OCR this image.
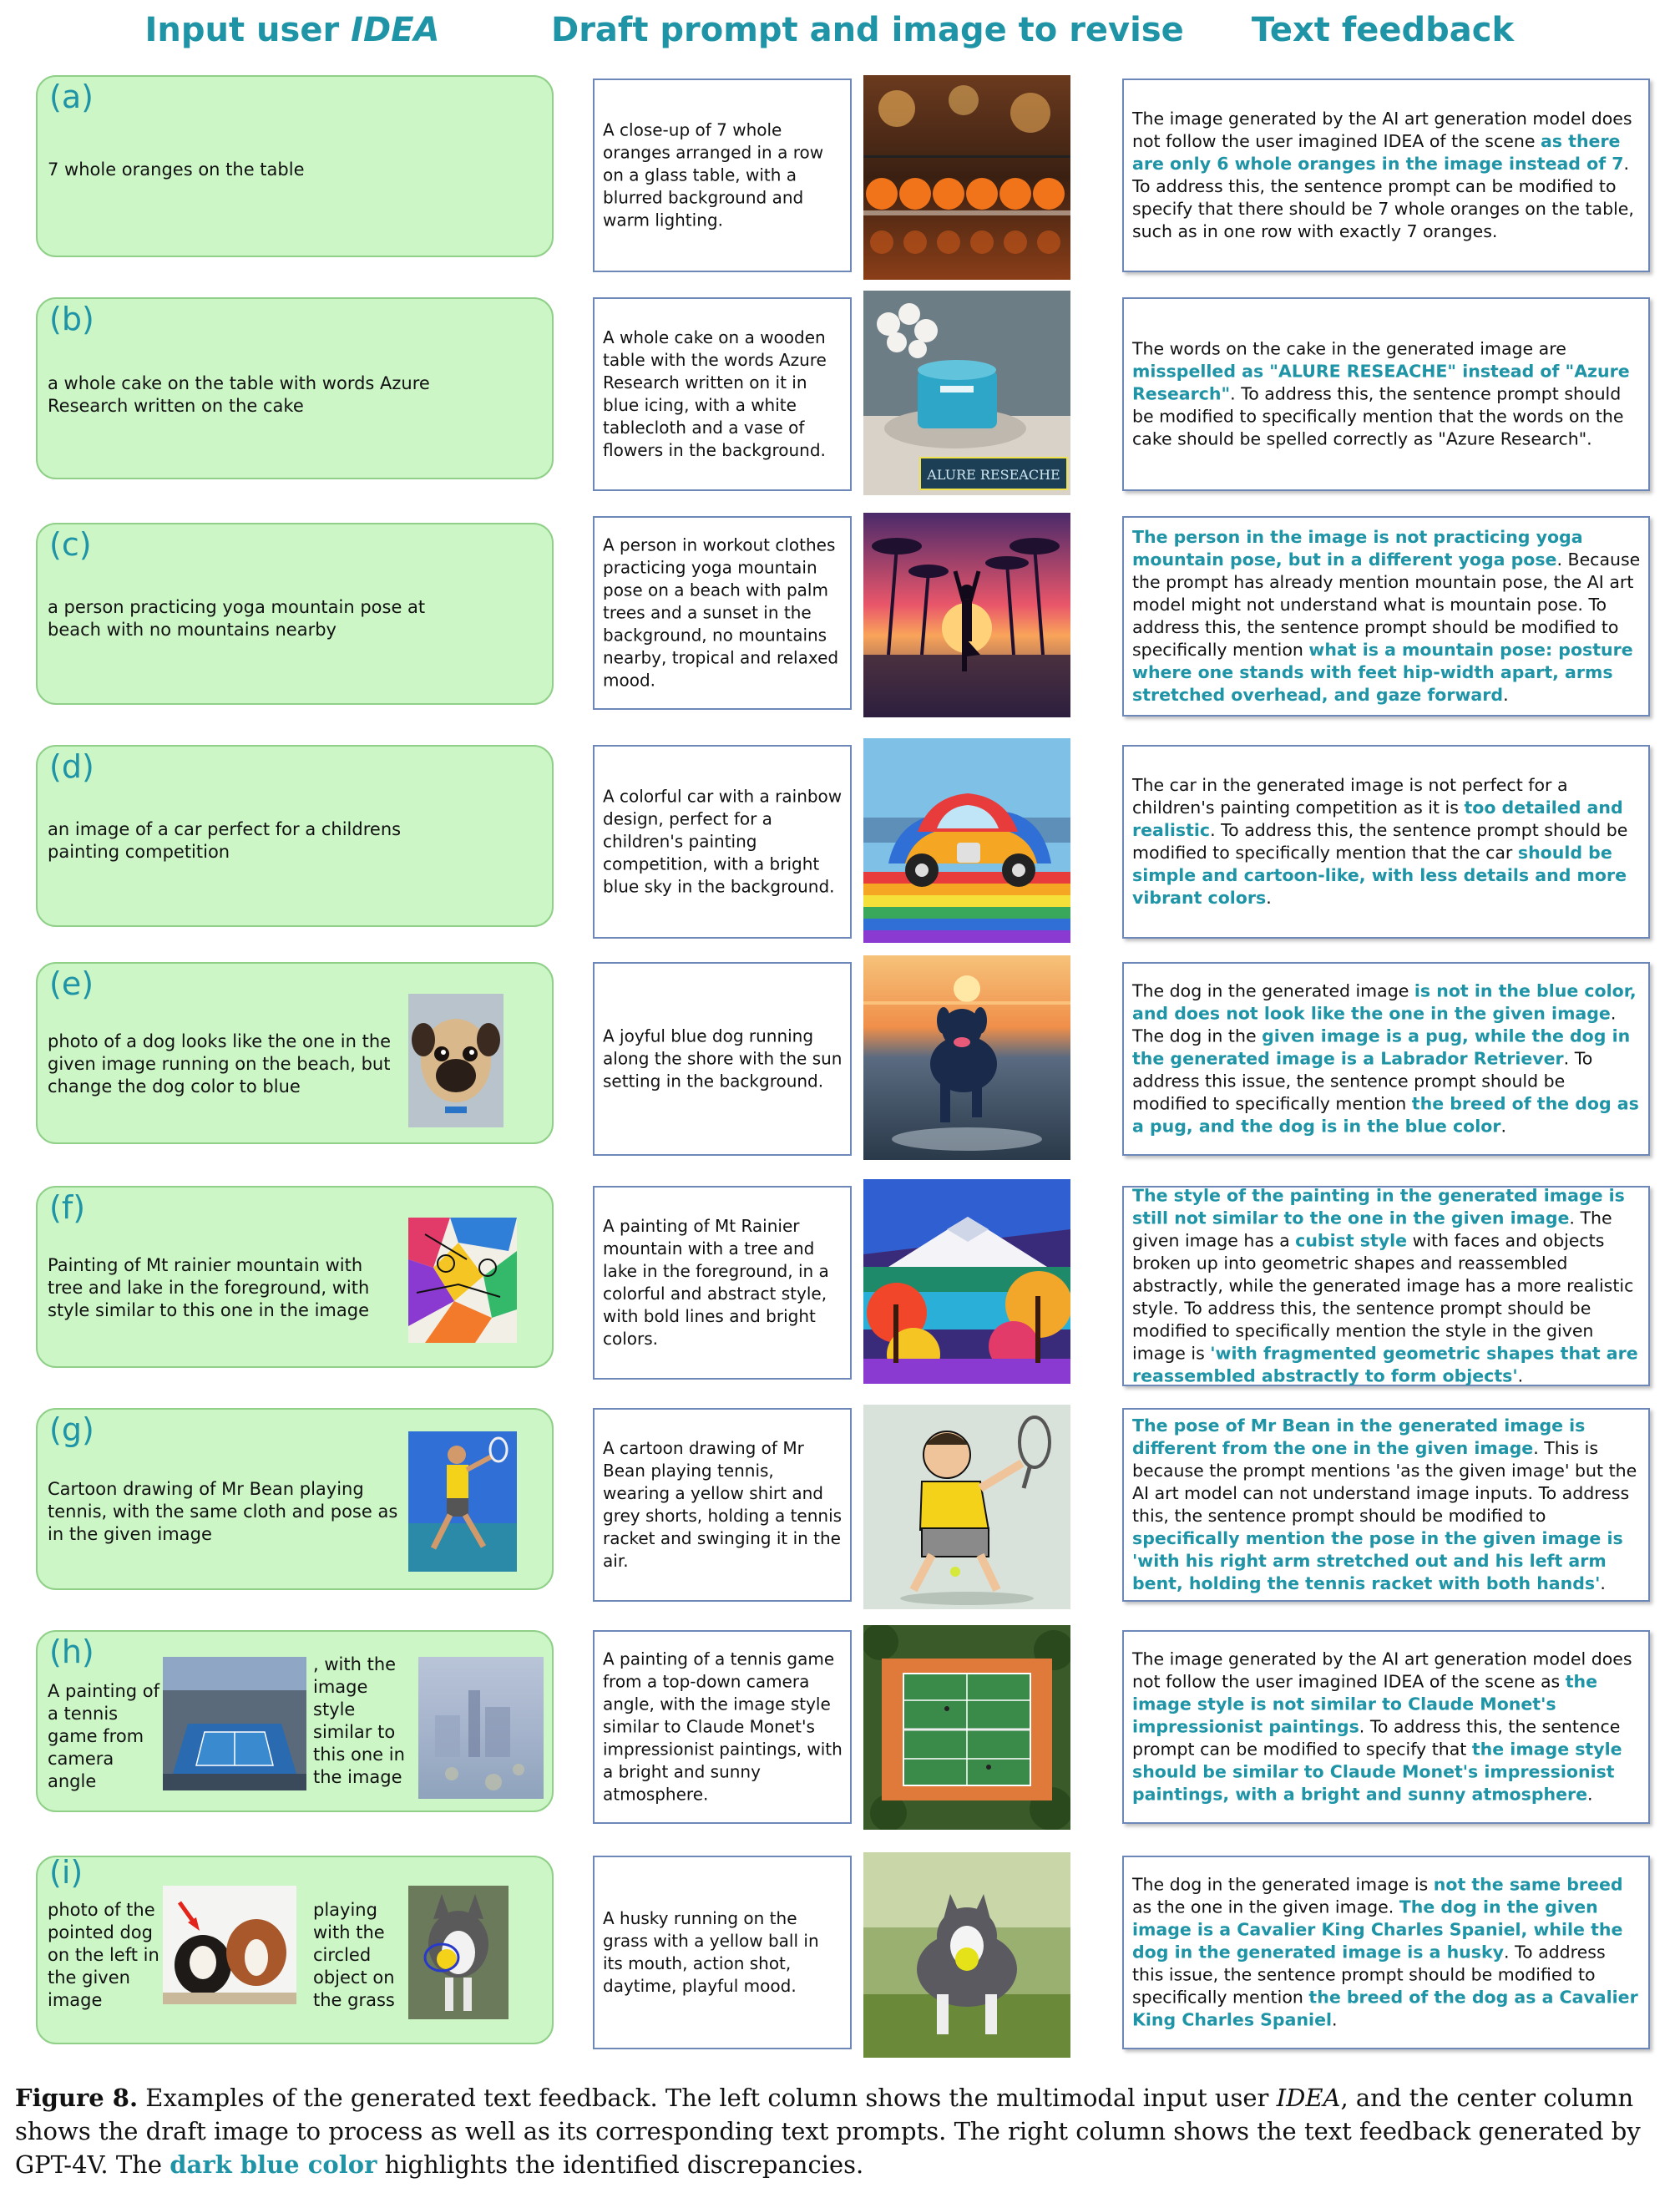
Input user IDEA	Draft prompt and image to revise	Text feedback
(a)
7 whole oranges on the table
A close-up of 7 whole oranges arranged in a row on a glass table, with a blurred background and warm lighting.
The image generated by the AI art generation model does not follow the user imagined IDEA of the scene as there are only 6 whole oranges in the image instead of 7. To address this, the sentence prompt can be modified to specify that there should be 7 whole oranges on the table, such as in one row with exactly 7 oranges.
(b)
a whole cake on the table with words Azure Research written on the cake
A whole cake on a wooden table with the words Azure Research written on it in blue icing, with a white tablecloth and a vase of flowers in the background.
ALURE RESEACHE
The words on the cake in the generated image are misspelled as "ALURE RESEACHE" instead of "Azure Research". To address this, the sentence prompt should be modified to specifically mention that the words on the cake should be spelled correctly as "Azure Research".
(c)
a person practicing yoga mountain pose at beach with no mountains nearby
A person in workout clothes practicing yoga mountain pose on a beach with palm trees and a sunset in the background, no mountains nearby, tropical and relaxed mood.
The person in the image is not practicing yoga mountain pose, but in a different yoga pose. Because the prompt has already mention mountain pose, the AI art model might not understand what is mountain pose. To address this, the sentence prompt should be modified to specifically mention what is a mountain pose: posture where one stands with feet hip-width apart, arms stretched overhead, and gaze forward.
(d)
an image of a car perfect for a childrens painting competition
A colorful car with a rainbow design, perfect for a children's painting competition, with a bright blue sky in the background.
The car in the generated image is not perfect for a children's painting competition as it is too detailed and realistic. To address this, the sentence prompt should be modified to specifically mention that the car should be simple and cartoon-like, with less details and more vibrant colors.
(e)
photo of a dog looks like the one in the given image running on the beach, but change the dog color to blue
A joyful blue dog running along the shore with the sun setting in the background.
The dog in the generated image is not in the blue color, and does not look like the one in the given image. The dog in the given image is a pug, while the dog in the generated image is a Labrador Retriever. To address this issue, the sentence prompt should be modified to specifically mention the breed of the dog as a pug, and the dog is in the blue color.
(f)
Painting of Mt rainier mountain with tree and lake in the foreground, with style similar to this one in the image
A painting of Mt Rainier mountain with a tree and lake in the foreground, in a colorful and abstract style, with bold lines and bright colors.
The style of the painting in the generated image is still not similar to the one in the given image. The given image has a cubist style with faces and objects broken up into geometric shapes and reassembled abstractly, while the generated image has a more realistic style. To address this, the sentence prompt should be modified to specifically mention the style in the given image is 'with fragmented geometric shapes that are reassembled abstractly to form objects'.
(g)
Cartoon drawing of Mr Bean playing tennis, with the same cloth and pose as in the given image
A cartoon drawing of Mr Bean playing tennis, wearing a yellow shirt and grey shorts, holding a tennis racket and swinging it in the air.
The pose of Mr Bean in the generated image is different from the one in the given image. This is because the prompt mentions 'as the given image' but the AI art model can not understand image inputs. To address this, the sentence prompt should be modified to specifically mention the pose in the given image is 'with his right arm stretched out and his left arm bent, holding the tennis racket with both hands'.
(h)
A painting of a tennis game from camera angle
, with the image style similar to this one in the image
A painting of a tennis game from a top-down camera angle, with the image style similar to Claude Monet's impressionist paintings, with a bright and sunny atmosphere.
The image generated by the AI art generation model does not follow the user imagined IDEA of the scene as the image style is not similar to Claude Monet's impressionist paintings. To address this, the sentence prompt can be modified to specify that the image style should be similar to Claude Monet's impressionist paintings, with a bright and sunny atmosphere.
(i)
photo of the pointed dog on the left in the given image
playing with the circled object on the grass
A husky running on the grass with a yellow ball in its mouth, action shot, daytime, playful mood.
The dog in the generated image is not the same breed as the one in the given image. The dog in the given image is a Cavalier King Charles Spaniel, while the dog in the generated image is a husky. To address this issue, the sentence prompt should be modified to specifically mention the breed of the dog as a Cavalier King Charles Spaniel.
Figure 8. Examples of the generated text feedback. The left column shows the multimodal input user IDEA, and the center column shows the draft image to process as well as its corresponding text prompts. The right column shows the text feedback generated by GPT-4V. The dark blue color highlights the identified discrepancies.
